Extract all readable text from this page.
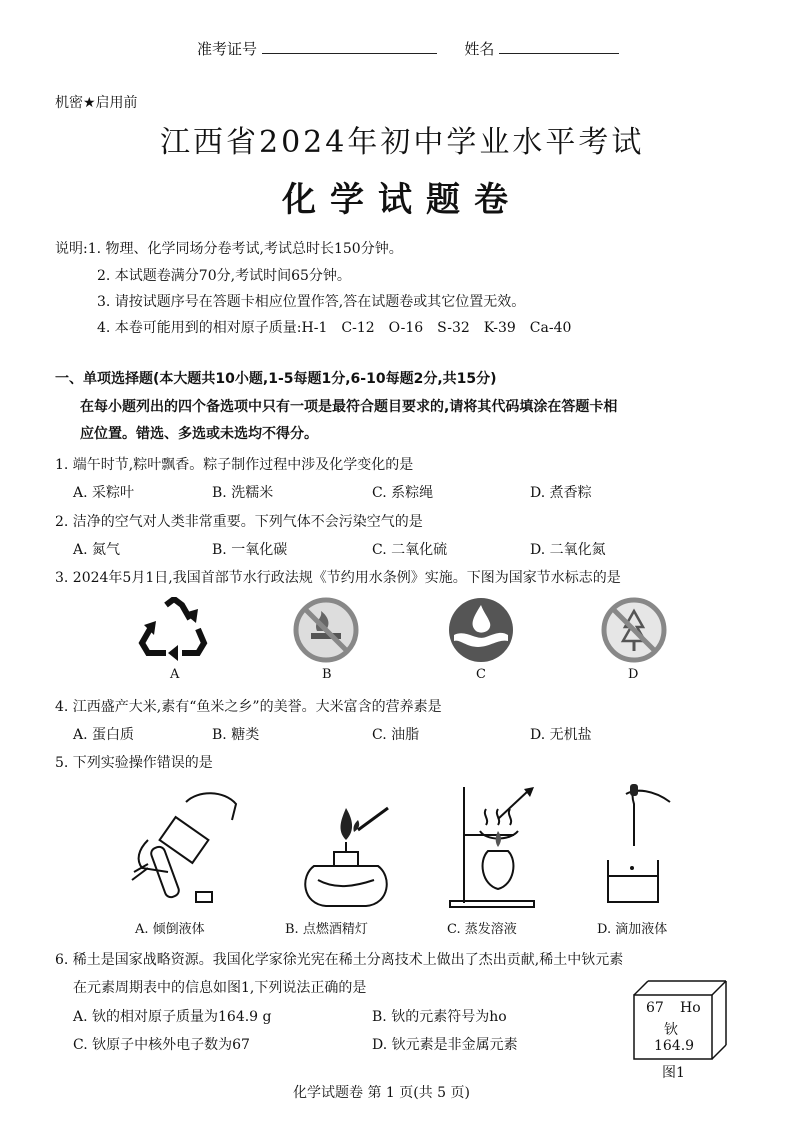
准考证号	姓名
机密★启用前
江西省2024年初中学业水平考试
化学试题卷
说明:1. 物理、化学同场分卷考试,考试总时长150分钟。
2. 本试题卷满分70分,考试时间65分钟。
3. 请按试题序号在答题卡相应位置作答,答在试题卷或其它位置无效。
4. 本卷可能用到的相对原子质量:H-1　C-12　O-16　S-32　K-39　Ca-40
一、单项选择题(本大题共10小题,1-5每题1分,6-10每题2分,共15分)
在每小题列出的四个备选项中只有一项是最符合题目要求的,请将其代码填涂在答题卡相
应位置。错选、多选或未选均不得分。
1. 端午时节,粽叶飘香。粽子制作过程中涉及化学变化的是
A. 采粽叶	B. 洗糯米	C. 系粽绳	D. 煮香粽
2. 洁净的空气对人类非常重要。下列气体不会污染空气的是
A. 氮气	B. 一氧化碳	C. 二氧化硫	D. 二氧化氮
3. 2024年5月1日,我国首部节水行政法规《节约用水条例》实施。下图为国家节水标志的是
A	B	C	D
4. 江西盛产大米,素有“鱼米之乡”的美誉。大米富含的营养素是
A. 蛋白质	B. 糖类	C. 油脂	D. 无机盐
5. 下列实验操作错误的是
A. 倾倒液体	B. 点燃酒精灯	C. 蒸发溶液	D. 滴加液体
6. 稀土是国家战略资源。我国化学家徐光宪在稀土分离技术上做出了杰出贡献,稀土中钬元素
在元素周期表中的信息如图1,下列说法正确的是
A. 钬的相对原子质量为164.9 g	B. 钬的元素符号为ho
C. 钬原子中核外电子数为67	D. 钬元素是非金属元素
67 Ho
钬
164.9
图1
化学试题卷 第 1 页(共 5 页)
